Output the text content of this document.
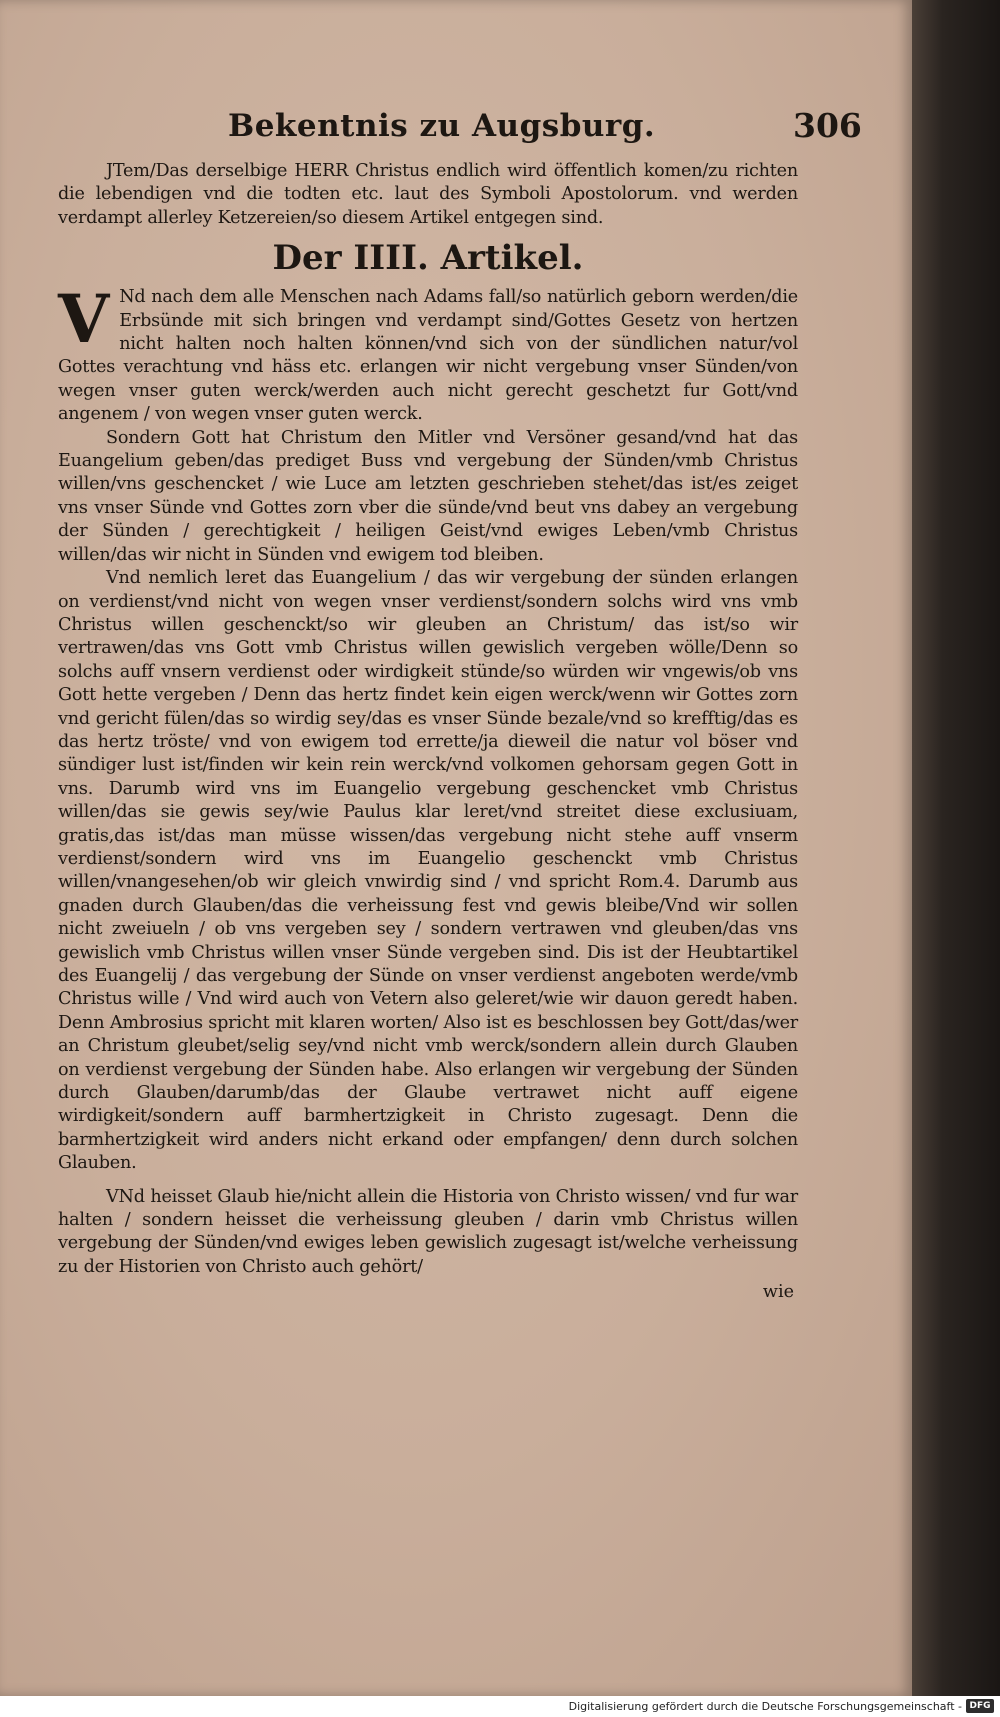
Bekentnis zu Augsburg.	306

JTem/Das derselbige HERR Christus endlich wird öffentlich komen/zu richten die lebendigen vnd die todten etc. laut des Symboli Apostolorum. vnd werden verdampt allerley Ketzereien/so diesem Artikel entgegen sind.

Der IIII. Artikel.
V Nd nach dem alle Menschen nach Adams fall/so natürlich geborn werden/die Erbsünde mit sich bringen vnd verdampt sind/Gottes Gesetz von hertzen nicht halten noch halten können/vnd sich von der sündlichen natur/vol Gottes verachtung vnd häss etc. erlangen wir nicht vergebung vnser Sünden/von wegen vnser guten werck/werden auch nicht gerecht geschetzt fur Gott/vnd angenem / von wegen vnser guten werck.

Sondern Gott hat Christum den Mitler vnd Versöner gesand/vnd hat das Euangelium geben/das prediget Buss vnd vergebung der Sünden/vmb Christus willen/vns geschencket / wie Luce am letzten geschrieben stehet/das ist/es zeiget vns vnser Sünde vnd Gottes zorn vber die sünde/vnd beut vns dabey an vergebung der Sünden / gerechtigkeit / heiligen Geist/vnd ewiges Leben/vmb Christus willen/das wir nicht in Sünden vnd ewigem tod bleiben.

Vnd nemlich leret das Euangelium / das wir vergebung der sünden erlangen on verdienst/vnd nicht von wegen vnser verdienst/sondern solchs wird vns vmb Christus willen geschenckt/so wir gleuben an Christum/ das ist/so wir vertrawen/das vns Gott vmb Christus willen gewislich vergeben wölle/Denn so solchs auff vnsern verdienst oder wirdigkeit stünde/so würden wir vngewis/ob vns Gott hette vergeben / Denn das hertz findet kein eigen werck/wenn wir Gottes zorn vnd gericht fülen/das so wirdig sey/das es vnser Sünde bezale/vnd so krefftig/das es das hertz tröste/ vnd von ewigem tod errette/ja dieweil die natur vol böser vnd sündiger lust ist/finden wir kein rein werck/vnd volkomen gehorsam gegen Gott in vns. Darumb wird vns im Euangelio vergebung geschencket vmb Christus willen/das sie gewis sey/wie Paulus klar leret/vnd streitet diese exclusiuam, gratis,das ist/das man müsse wissen/das vergebung nicht stehe auff vnserm verdienst/sondern wird vns im Euangelio geschenckt vmb Christus willen/vnangesehen/ob wir gleich vnwirdig sind / vnd spricht Rom.4. Darumb aus gnaden durch Glauben/das die verheissung fest vnd gewis bleibe/Vnd wir sollen nicht zweiueln / ob vns vergeben sey / sondern vertrawen vnd gleuben/das vns gewislich vmb Christus willen vnser Sünde vergeben sind. Dis ist der Heubtartikel des Euangelij / das vergebung der Sünde on vnser verdienst angeboten werde/vmb Christus wille / Vnd wird auch von Vetern also geleret/wie wir dauon geredt haben. Denn Ambrosius spricht mit klaren worten/ Also ist es beschlossen bey Gott/das/wer an Christum gleubet/selig sey/vnd nicht vmb werck/sondern allein durch Glauben on verdienst vergebung der Sünden habe. Also erlangen wir vergebung der Sünden durch Glauben/darumb/das der Glaube vertrawet nicht auff eigene wirdigkeit/sondern auff barmhertzigkeit in Christo zugesagt. Denn die barmhertzigkeit wird anders nicht erkand oder empfangen/ denn durch solchen Glauben.

VNd heisset Glaub hie/nicht allein die Historia von Christo wissen/ vnd fur war halten / sondern heisset die verheissung gleuben / darin vmb Christus willen vergebung der Sünden/vnd ewiges leben gewislich zugesagt ist/welche verheissung zu der Historien von Christo auch gehört/

wie
Digitalisierung gefördert durch die Deutsche Forschungsgemeinschaft - DFG
